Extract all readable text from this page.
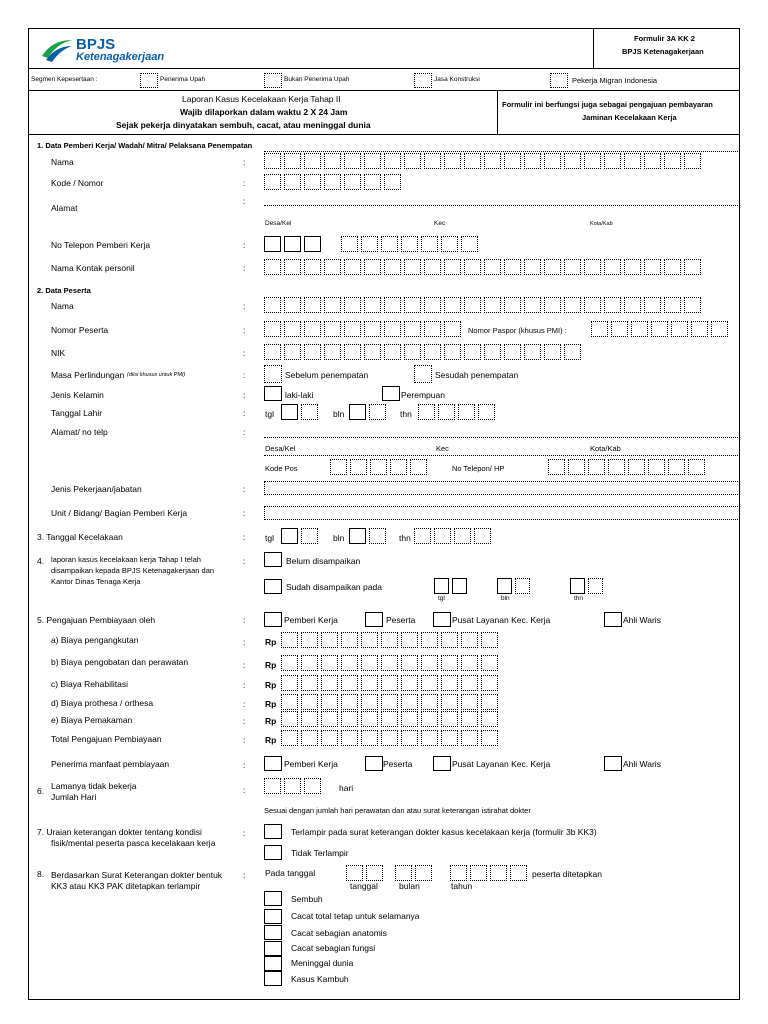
BPJS
Ketenagakerjaan
Formulir 3A KK 2
BPJS Ketenagakerjaan
Segmen Kepesertaan :	Penerima Upah	Bukan Penerima Upah	Jasa Konstruksi	Pekerja Migran Indonesia
Laporan Kasus Kecelakaan Kerja Tahap II
Wajib dilaporkan dalam waktu 2 X 24 Jam
Sejak pekerja dinyatakan sembuh, cacat, atau meninggal dunia
Formulir ini berfungsi juga sebagai pengajuan pembayaran
Jaminan Kecelakaan Kerja
1. Data Pemberi Kerja/ Wadah/ Mitra/ Pelaksana Penempatan
Nama	:
Kode / Nomor	:
Alamat
:
Desa/Kel	Kec	Kota/Kab
No Telepon Pemberi Kerja	:
Nama Kontak personil	:
2. Data Peserta
Nama	:
Nomor Peserta	:	Nomor Paspor (khusus PMI) :
NIK	:
Masa Perlindungan (diisi khusus untuk PMI)	:	Sebelum penempatan	Sesudah penempatan
Jenis Kelamin	:	laki-laki	Perempuan
Tanggal Lahir	: tgl	bln	thn
Alamat/ no telp	:
Desa/Kel	Kec	Kota/Kab
Kode Pos	No Telepon/ HP
Jenis Pekerjaan/jabatan	:
Unit / Bidang/ Bagian Pemberi Kerja	:
3. Tanggal Kecelakaan	: tgl	bln	thn
4. laporan kasus kecelakaan kerja Tahap I telah
disampaikan kepada BPJS Ketenagakerjaan dan
Kantor Dinas Tenaga Kerja
:	Belum disampaikan
Sudah disampaikan pada
tgl	bln	thn
5. Pengajuan Pembiayaan oleh	:	Pemberi Kerja	Peserta	Pusat Layanan Kec. Kerja	Ahli Waris
a) Biaya pengangkutan	: Rp
b) Biaya pengobatan dan perawatan	: Rp
c) Biaya Rehabilitasi	: Rp
d) Biaya prothesa / orthesa	: Rp
e) Biaya Pemakaman	: Rp
Total Pengajuan Pembiayaan	: Rp
Penerima manfaat pembiayaan	:	Pemberi Kerja	Peserta	Pusat Layanan Kec. Kerja	Ahli Waris
6. Lamanya tidak bekerja
Jumlah Hari
:	hari
Sesuai dengan jumlah hari perawatan dan atau surat keterangan istirahat dokter
7. Uraian keterangan dokter tentang kondisi
fisik/mental peserta pasca kecelakaan kerja
:	Terlampir pada surat keterangan dokter kasus kecelakaan kerja (formulir 3b KK3)
Tidak Terlampir
8. Berdasarkan Surat Keterangan dokter bentuk
KK3 atau KK3 PAK ditetapkan terlampir
: Pada tanggal
tanggal bulan	tahun
peserta ditetapkan
Sembuh
Cacat total tetap untuk selamanya
Cacat sebagian anatomis
Cacat sebagian fungsi
Meninggal dunia
Kasus Kambuh
